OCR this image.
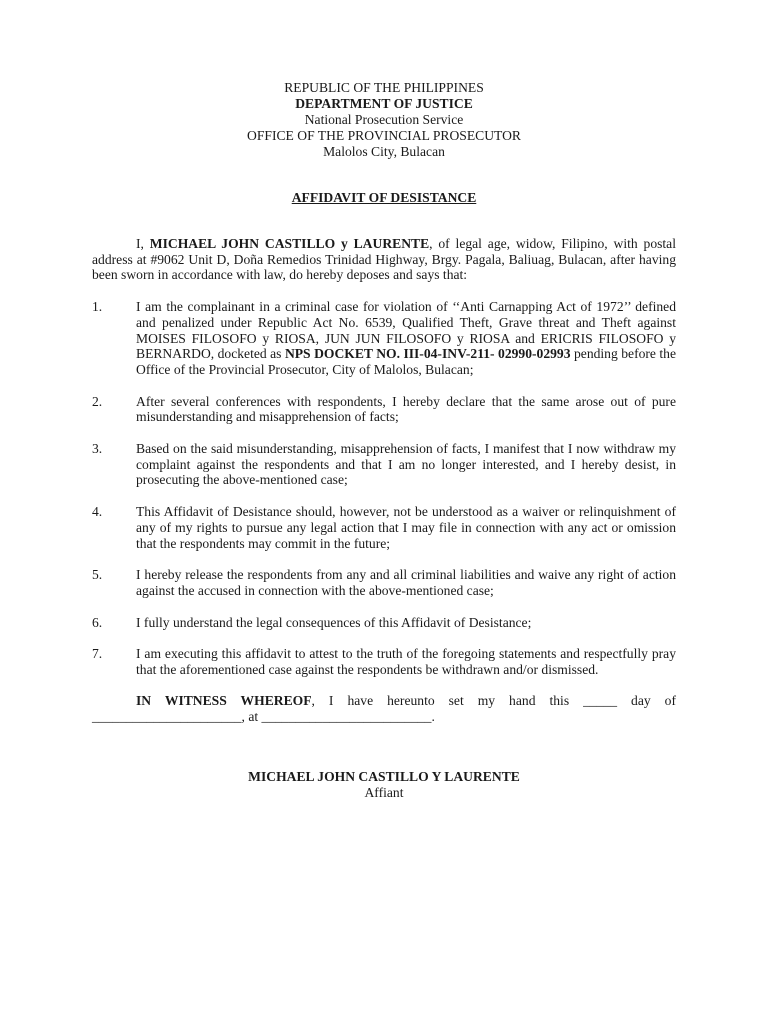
REPUBLIC OF THE PHILIPPINES
DEPARTMENT OF JUSTICE
National Prosecution Service
OFFICE OF THE PROVINCIAL PROSECUTOR
Malolos City, Bulacan
AFFIDAVIT OF DESISTANCE

I, MICHAEL JOHN CASTILLO y LAURENTE, of legal age, widow, Filipino, with postal address at #9062 Unit D, Doña Remedios Trinidad Highway, Brgy. Pagala, Baliuag, Bulacan, after having been sworn in accordance with law, do hereby deposes and says that:

1.	I am the complainant in a criminal case for violation of ‘‘Anti Carnapping Act of 1972’’ defined and penalized under Republic Act No. 6539, Qualified Theft, Grave threat and Theft against MOISES FILOSOFO y RIOSA, JUN JUN FILOSOFO y RIOSA and ERICRIS FILOSOFO y BERNARDO, docketed as NPS DOCKET NO. III-04-INV-211- 02990-02993 pending before the Office of the Provincial Prosecutor, City of Malolos, Bulacan;
2.	After several conferences with respondents, I hereby declare that the same arose out of pure misunderstanding and misapprehension of facts;
3.	Based on the said misunderstanding, misapprehension of facts, I manifest that I now withdraw my complaint against the respondents and that I am no longer interested, and I hereby desist, in prosecuting the above-mentioned case;
4.	This Affidavit of Desistance should, however, not be understood as a waiver or relinquishment of any of my rights to pursue any legal action that I may file in connection with any act or omission that the respondents may commit in the future;
5.	I hereby release the respondents from any and all criminal liabilities and waive any right of action against the accused in connection with the above-mentioned case;
6.	I fully understand the legal consequences of this Affidavit of Desistance;
7.	I am executing this affidavit to attest to the truth of the foregoing statements and respectfully pray that the aforementioned case against the respondents be withdrawn and/or dismissed.

IN WITNESS WHEREOF, I have hereunto set my hand this _____ day of ______________________, at _________________________.

MICHAEL JOHN CASTILLO Y LAURENTE
Affiant
